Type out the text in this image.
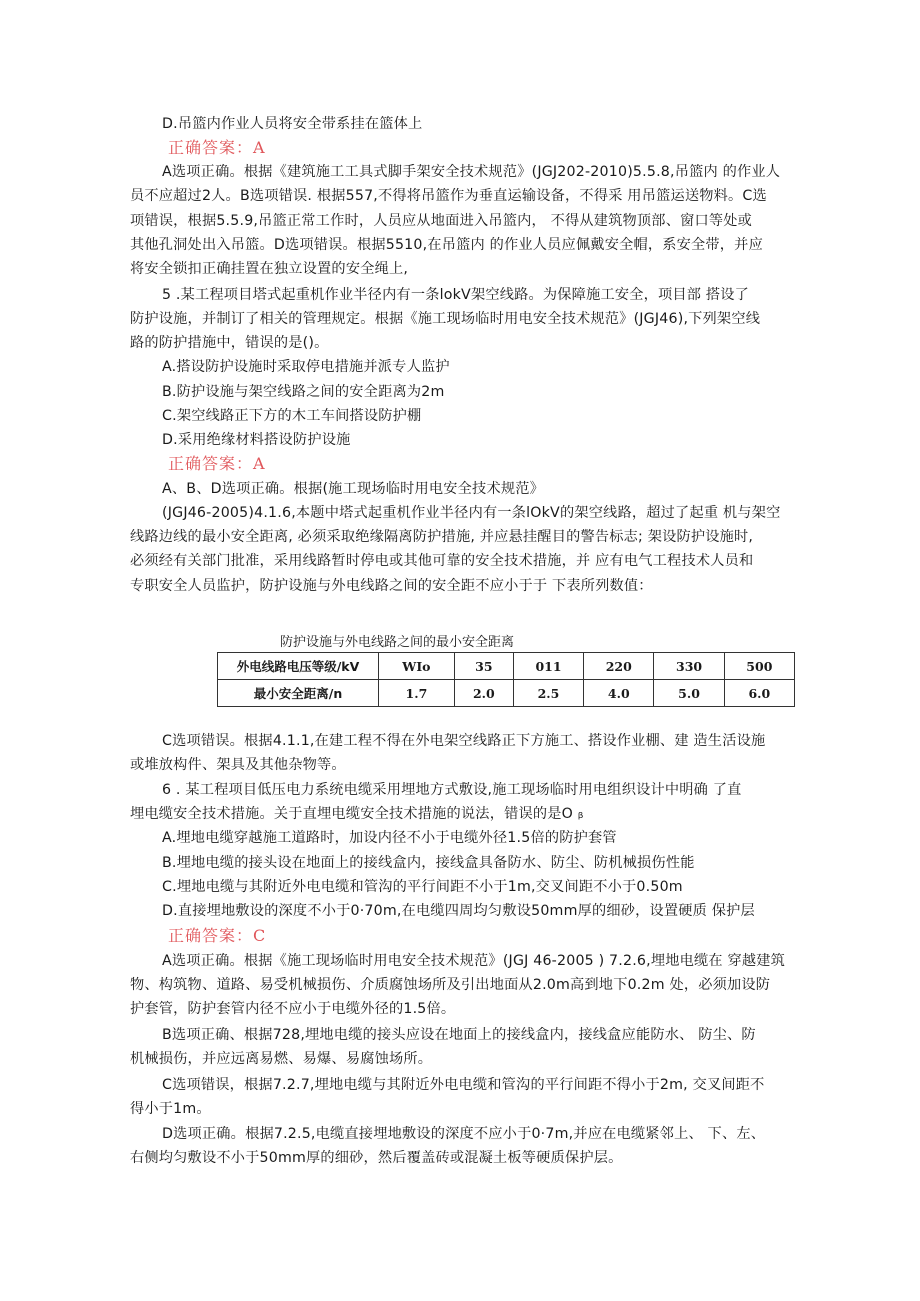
D.吊篮内作业人员将安全带系挂在篮体上
正确答案：A
A选项正确。根据《建筑施工工具式脚手架安全技术规范》(JGJ202-2010)5.5.8,吊篮内 的作业人
员不应超过2人。B选项错误. 根据557,不得将吊篮作为垂直运输设备，不得采 用吊篮运送物料。C选
项错误，根据5.5.9,吊篮正常工作时，人员应从地面进入吊篮内， 不得从建筑物顶部、窗口等处或
其他孔洞处出入吊篮。D选项错误。根据5510,在吊篮内 的作业人员应佩戴安全帽，系安全带，并应
将安全锁扣正确挂置在独立设置的安全绳上,
5 .某工程项目塔式起重机作业半径内有一条lokV架空线路。为保障施工安全，项目部 搭设了
防护设施，并制订了相关的管理规定。根据《施工现场临时用电安全技术规范》(JGJ46),下列架空线
路的防护措施中，错误的是()。
A.搭设防护设施时采取停电措施并派专人监护
B.防护设施与架空线路之间的安全距离为2m
C.架空线路正下方的木工车间搭设防护棚
D.采用绝缘材料搭设防护设施
正确答案：A
A、B、D选项正确。根据(施工现场临时用电安全技术规范》
(JGJ46-2005)4.1.6,本题中塔式起重机作业半径内有一条lOkV的架空线路，超过了起重 机与架空
线路边线的最小安全距离, 必须采取绝缘隔离防护措施, 并应悬挂醒目的警告标志; 架设防护设施时,
必须经有关部门批准，采用线路暂时停电或其他可靠的安全技术措施，并 应有电气工程技术人员和
专职安全人员监护，防护设施与外电线路之间的安全距不应小于于 下表所列数值：
防护设施与外电线路之间的最小安全距离
外电线路电压等级/kV	WIo	35	011	220	330	500
最小安全距离/n	1.7	2.0	2.5	4.0	5.0	6.0
C选项错误。根据4.1.1,在建工程不得在外电架空线路正下方施工、搭设作业棚、建 造生活设施
或堆放构件、架具及其他杂物等。
6 . 某工程项目低压电力系统电缆采用埋地方式敷设,施工现场临时用电组织设计中明确 了直
埋电缆安全技术措施。关于直埋电缆安全技术措施的说法，错误的是O ᵦ
A.埋地电缆穿越施工道路时，加设内径不小于电缆外径1.5倍的防护套管
B.埋地电缆的接头设在地面上的接线盒内，接线盒具备防水、防尘、防机械损伤性能
C.埋地电缆与其附近外电电缆和管沟的平行间距不小于1m,交叉间距不小于0.50m
D.直接埋地敷设的深度不小于0·70m,在电缆四周均匀敷设50mm厚的细砂，设置硬质 保护层
正确答案：C
A选项正确。根据《施工现场临时用电安全技术规范》(JGJ 46-2005 ) 7.2.6,埋地电缆在 穿越建筑
物、构筑物、道路、易受机械损伤、介质腐蚀场所及引出地面从2.0m高到地下0.2m 处，必须加设防
护套管，防护套管内径不应小于电缆外径的1.5倍。
B选项正确、根据728,埋地电缆的接头应设在地面上的接线盒内，接线盒应能防水、 防尘、防
机械损伤，并应远离易燃、易爆、易腐蚀场所。
C选项错误，根据7.2.7,埋地电缆与其附近外电电缆和管沟的平行间距不得小于2m, 交叉间距不
得小于1m。
D选项正确。根据7.2.5,电缆直接埋地敷设的深度不应小于0·7m,并应在电缆紧邻上、 下、左、
右侧均匀敷设不小于50mm厚的细砂，然后覆盖砖或混凝土板等硬质保护层。
